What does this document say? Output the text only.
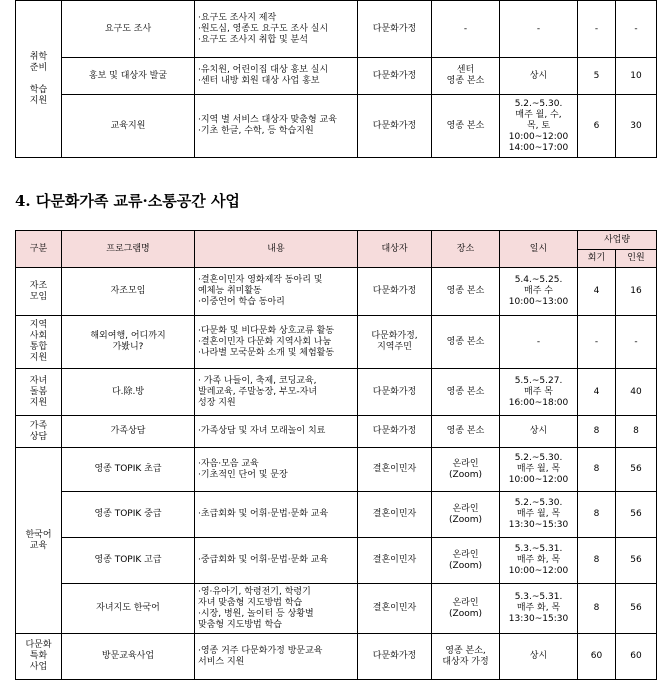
취학
준비

학습
지원	요구도 조사	·요구도 조사지 제작
·원도심, 영종도 요구도 조사 실시
·요구도 조사지 취합 및 분석	다문화가정	-	-	-	-
	홍보 및 대상자 발굴	·유치원, 어린이집 대상 홍보 실시
·센터 내방 회원 대상 사업 홍보	다문화가정	센터
영종 본소	상시	5	10
	교육지원	·지역 별 서비스 대상자 맞춤형 교육
·기초 한글, 수학, 등 학습지원	다문화가정	영종 본소	5.2.~5.30.
매주 월, 수,
목, 토
10:00~12:00
14:00~17:00	6	30
4. 다문화가족 교류·소통공간 사업
구분	프로그램명	내용	대상자	장소	일시	사업량	
						회기	인원
자조
모임	자조모임	·결혼이민자 영화제작 동아리 및
예체능 취미활동
·이중언어 학습 동아리	다문화가정	영종 본소	5.4.~5.25.
매주 수
10:00~13:00	4	16
지역
사회
통합
지원	해외여행, 어디까지
가봤니?	·다문화 및 비다문화 상호교류 활동
·결혼이민자 다문화 지역사회 나눔
·나라별 모국문화 소개 및 체험활동	다문화가정,
지역주민	영종 본소	-	-	-
자녀
돌봄
지원	다.除.방	· 가족 나들이, 축제, 코딩교육,
발레교육, 주말농장, 부모-자녀
성장 지원	다문화가정	영종 본소	5.5.~5.27.
매주 목
16:00~18:00	4	40
가족
상담	가족상담	·가족상담 및 자녀 모래놀이 치료	다문화가정	영종 본소	상시	8	8
한국어
교육	영종 TOPIK 초급	·자음·모음 교육
·기초적인 단어 및 문장	결혼이민자	온라인
(Zoom)	5.2.~5.30.
매주 월, 목
10:00~12:00	8	56
	영종 TOPIK 중급	·초급회화 및 어휘·문법·문화 교육	결혼이민자	온라인
(Zoom)	5.2.~5.30.
매주 월, 목
13:30~15:30	8	56
	영종 TOPIK 고급	·중급회화 및 어휘·문법·문화 교육	결혼이민자	온라인
(Zoom)	5.3.~5.31.
매주 화, 목
10:00~12:00	8	56
	자녀지도 한국어	·영·유아기, 학령전기, 학령기
자녀 맞춤형 지도방법 학습
·시장, 병원, 놀이터 등 상황별
맞춤형 지도방법 학습	결혼이민자	온라인
(Zoom)	5.3.~5.31.
매주 화, 목
13:30~15:30	8	56
다문화
특화
사업	방문교육사업	·영종 거주 다문화가정 방문교육
서비스 지원	다문화가정	영종 본소,
대상자 가정	상시	60	60
